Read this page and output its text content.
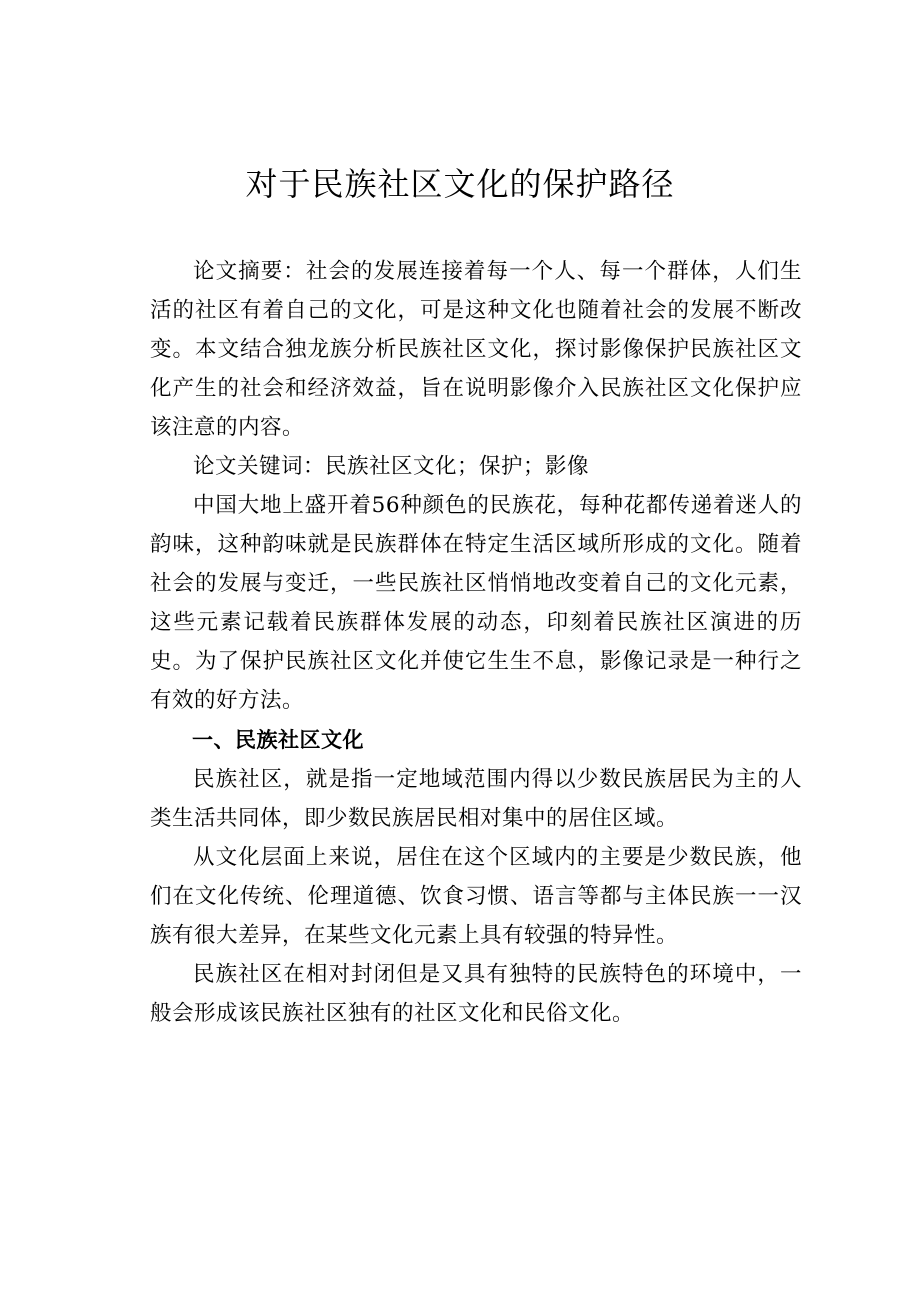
对于民族社区文化的保护路径

论文摘要：社会的发展连接着每一个人、每一个群体，人们生活的社区有着自己的文化，可是这种文化也随着社会的发展不断改变。本文结合独龙族分析民族社区文化，探讨影像保护民族社区文化产生的社会和经济效益，旨在说明影像介入民族社区文化保护应该注意的内容。

论文关键词：民族社区文化；保护；影像

中国大地上盛开着56种颜色的民族花，每种花都传递着迷人的韵味，这种韵味就是民族群体在特定生活区域所形成的文化。随着社会的发展与变迁，一些民族社区悄悄地改变着自己的文化元素，这些元素记载着民族群体发展的动态，印刻着民族社区演进的历史。为了保护民族社区文化并使它生生不息，影像记录是一种行之有效的好方法。

一、民族社区文化

民族社区，就是指一定地域范围内得以少数民族居民为主的人类生活共同体，即少数民族居民相对集中的居住区域。

从文化层面上来说，居住在这个区域内的主要是少数民族，他们在文化传统、伦理道德、饮食习惯、语言等都与主体民族一一汉族有很大差异，在某些文化元素上具有较强的特异性。

民族社区在相对封闭但是又具有独特的民族特色的环境中，一般会形成该民族社区独有的社区文化和民俗文化。
